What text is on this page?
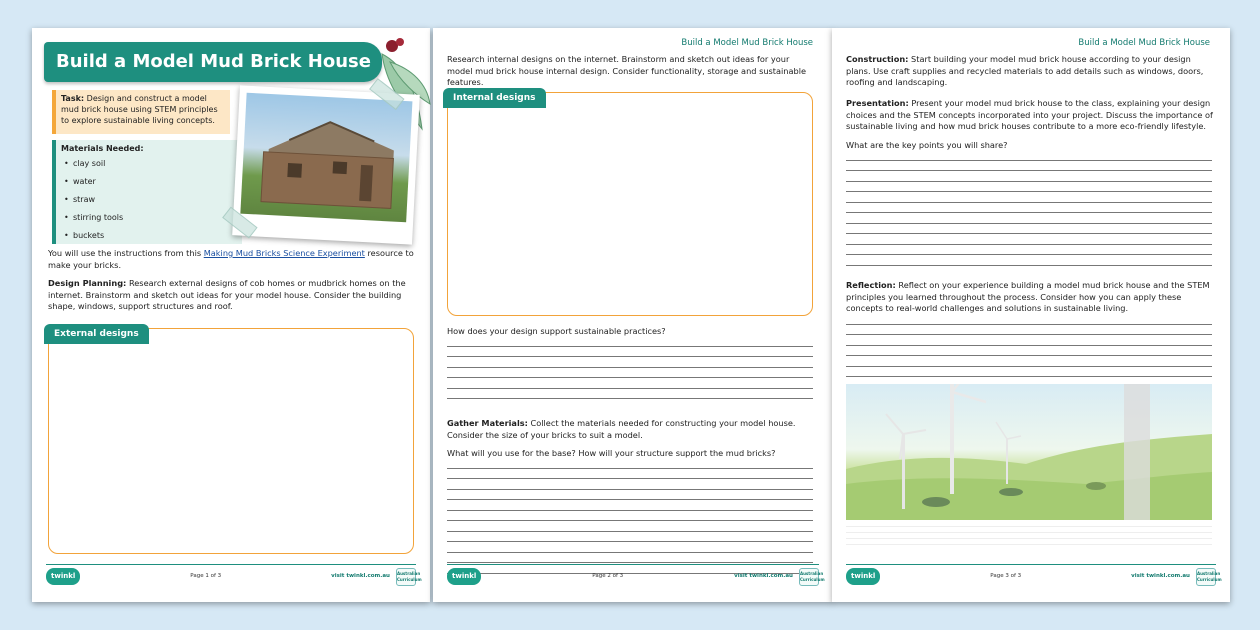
Build a Model Mud Brick House
Task: Design and construct a model mud brick house using STEM principles to explore sustainable living concepts.
Materials Needed:
• clay soil
• water
• straw
• stirring tools
• buckets
You will use the instructions from this Making Mud Bricks Science Experiment resource to make your bricks.
Design Planning: Research external designs of cob homes or mudbrick homes on the internet. Brainstorm and sketch out ideas for your model house. Consider the building shape, windows, support structures and roof.
External designs
twinkl	Page 1 of 3	visit twinkl.com.au Australian Curriculum
Build a Model Mud Brick House
Research internal designs on the internet. Brainstorm and sketch out ideas for your model mud brick house internal design. Consider functionality, storage and sustainable features.
Internal designs
How does your design support sustainable practices?
Gather Materials: Collect the materials needed for constructing your model house. Consider the size of your bricks to suit a model.
What will you use for the base? How will your structure support the mud bricks?
twinkl	Page 2 of 3	visit twinkl.com.au Australian Curriculum
Build a Model Mud Brick House
Construction: Start building your model mud brick house according to your design plans. Use craft supplies and recycled materials to add details such as windows, doors, roofing and landscaping.
Presentation: Present your model mud brick house to the class, explaining your design choices and the STEM concepts incorporated into your project. Discuss the importance of sustainable living and how mud brick houses contribute to a more eco-friendly lifestyle.
What are the key points you will share?
Reflection: Reflect on your experience building a model mud brick house and the STEM principles you learned throughout the process. Consider how you can apply these concepts to real-world challenges and solutions in sustainable living.
twinkl	Page 3 of 3	visit twinkl.com.au Australian Curriculum
